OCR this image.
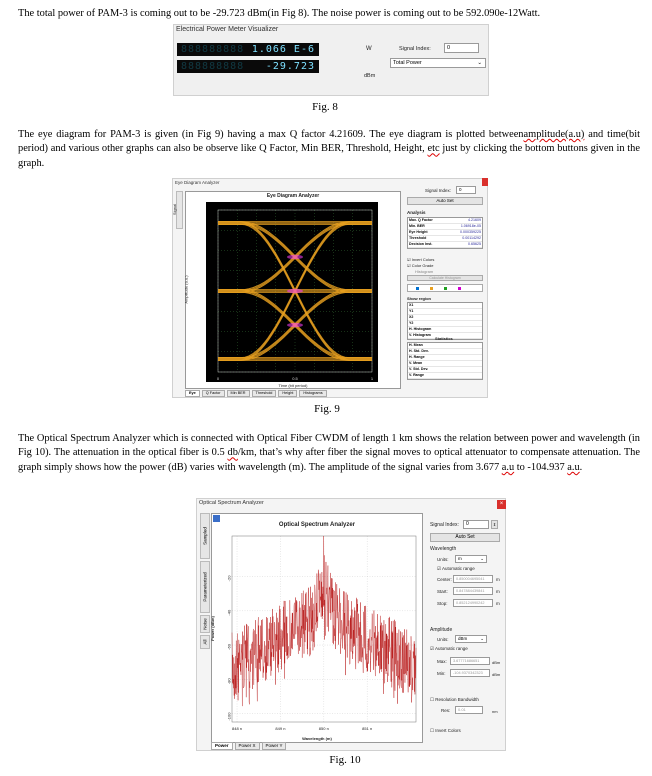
The total power of PAM-3 is coming out to be -29.723 dBm(in Fig 8). The noise power is coming out to be 592.090e-12Watt.
Electrical Power Meter Visualizer
888888888 1.066 E-6	W
888888888 -29.723
dBm
Signal Index:	0
Total Power	⌄
Fig. 8
The eye diagram for PAM-3 is given (in Fig 9) having a max Q factor 4.21609. The eye diagram is plotted betweenamplitude(a.u) and time(bit period) and various other graphs can also be observe like Q Factor, Min BER, Threshold, Height, etc just by clicking the bottom buttons given in the graph.
Eye Diagram Analyzer
Signal
Eye Diagram Analyzer
Amplitude (a.u.)
0	0.5	1
Time (bit period)
Eye	Q Factor	Min BER	Threshold	Height	Histograms
Signal Index:	0
Auto Set
Analysis
Max. Q Factor	4.21609
Min. BER	1.06918e-05
Eye Height	0.000359225
Threshold	0.00114292
Decision Inst.	0.65625
☑ Invert Colors
☑ Color Grade
Histogram
Calculate Histogram
Show region
X1
Y1
X2
Y2
H. Histogram
V. Histogram
Statistics
H. Mean
H. Std. Dev.
H. Range
V. Mean
V. Std. Dev.
V. Range
Fig. 9
The Optical Spectrum Analyzer which is connected with Optical Fiber CWDM of length 1 km shows the relation between power and wavelength (in Fig 10). The attenuation in the optical fiber is 0.5 db/km, that’s why after fiber the signal moves to optical attenuator to compensate attenuation. The graph simply shows how the power (dB) varies with wavelength (m). The amplitude of the signal varies from 3.677 a.u to -104.937 a.u.
Optical Spectrum Analyzer	×
Sampled
Parameterized
Noise
All
Optical Spectrum Analyzer
Power (dBm)
-20
-40
-60
-80
-100
848 n	849 n	850 n	851 n
Wavelength (m)
Power	Power X	Power Y
Signal Index:	0	⇕
Auto Set
Wavelength
Units:	m	⌄
☑ Automatic range
Center:	0.850004695041	m
Start:	0.847884439841	m
Stop:	0.852124990242	m
Amplitude
Units:	dBm	⌄
☑ Automatic range
Max:	3.67771686651	dBm
Min:	-104.9370342323	dBm
☐ Resolution Bandwidth
Res:	0.01	nm
☐ Invert Colors
Fig. 10
